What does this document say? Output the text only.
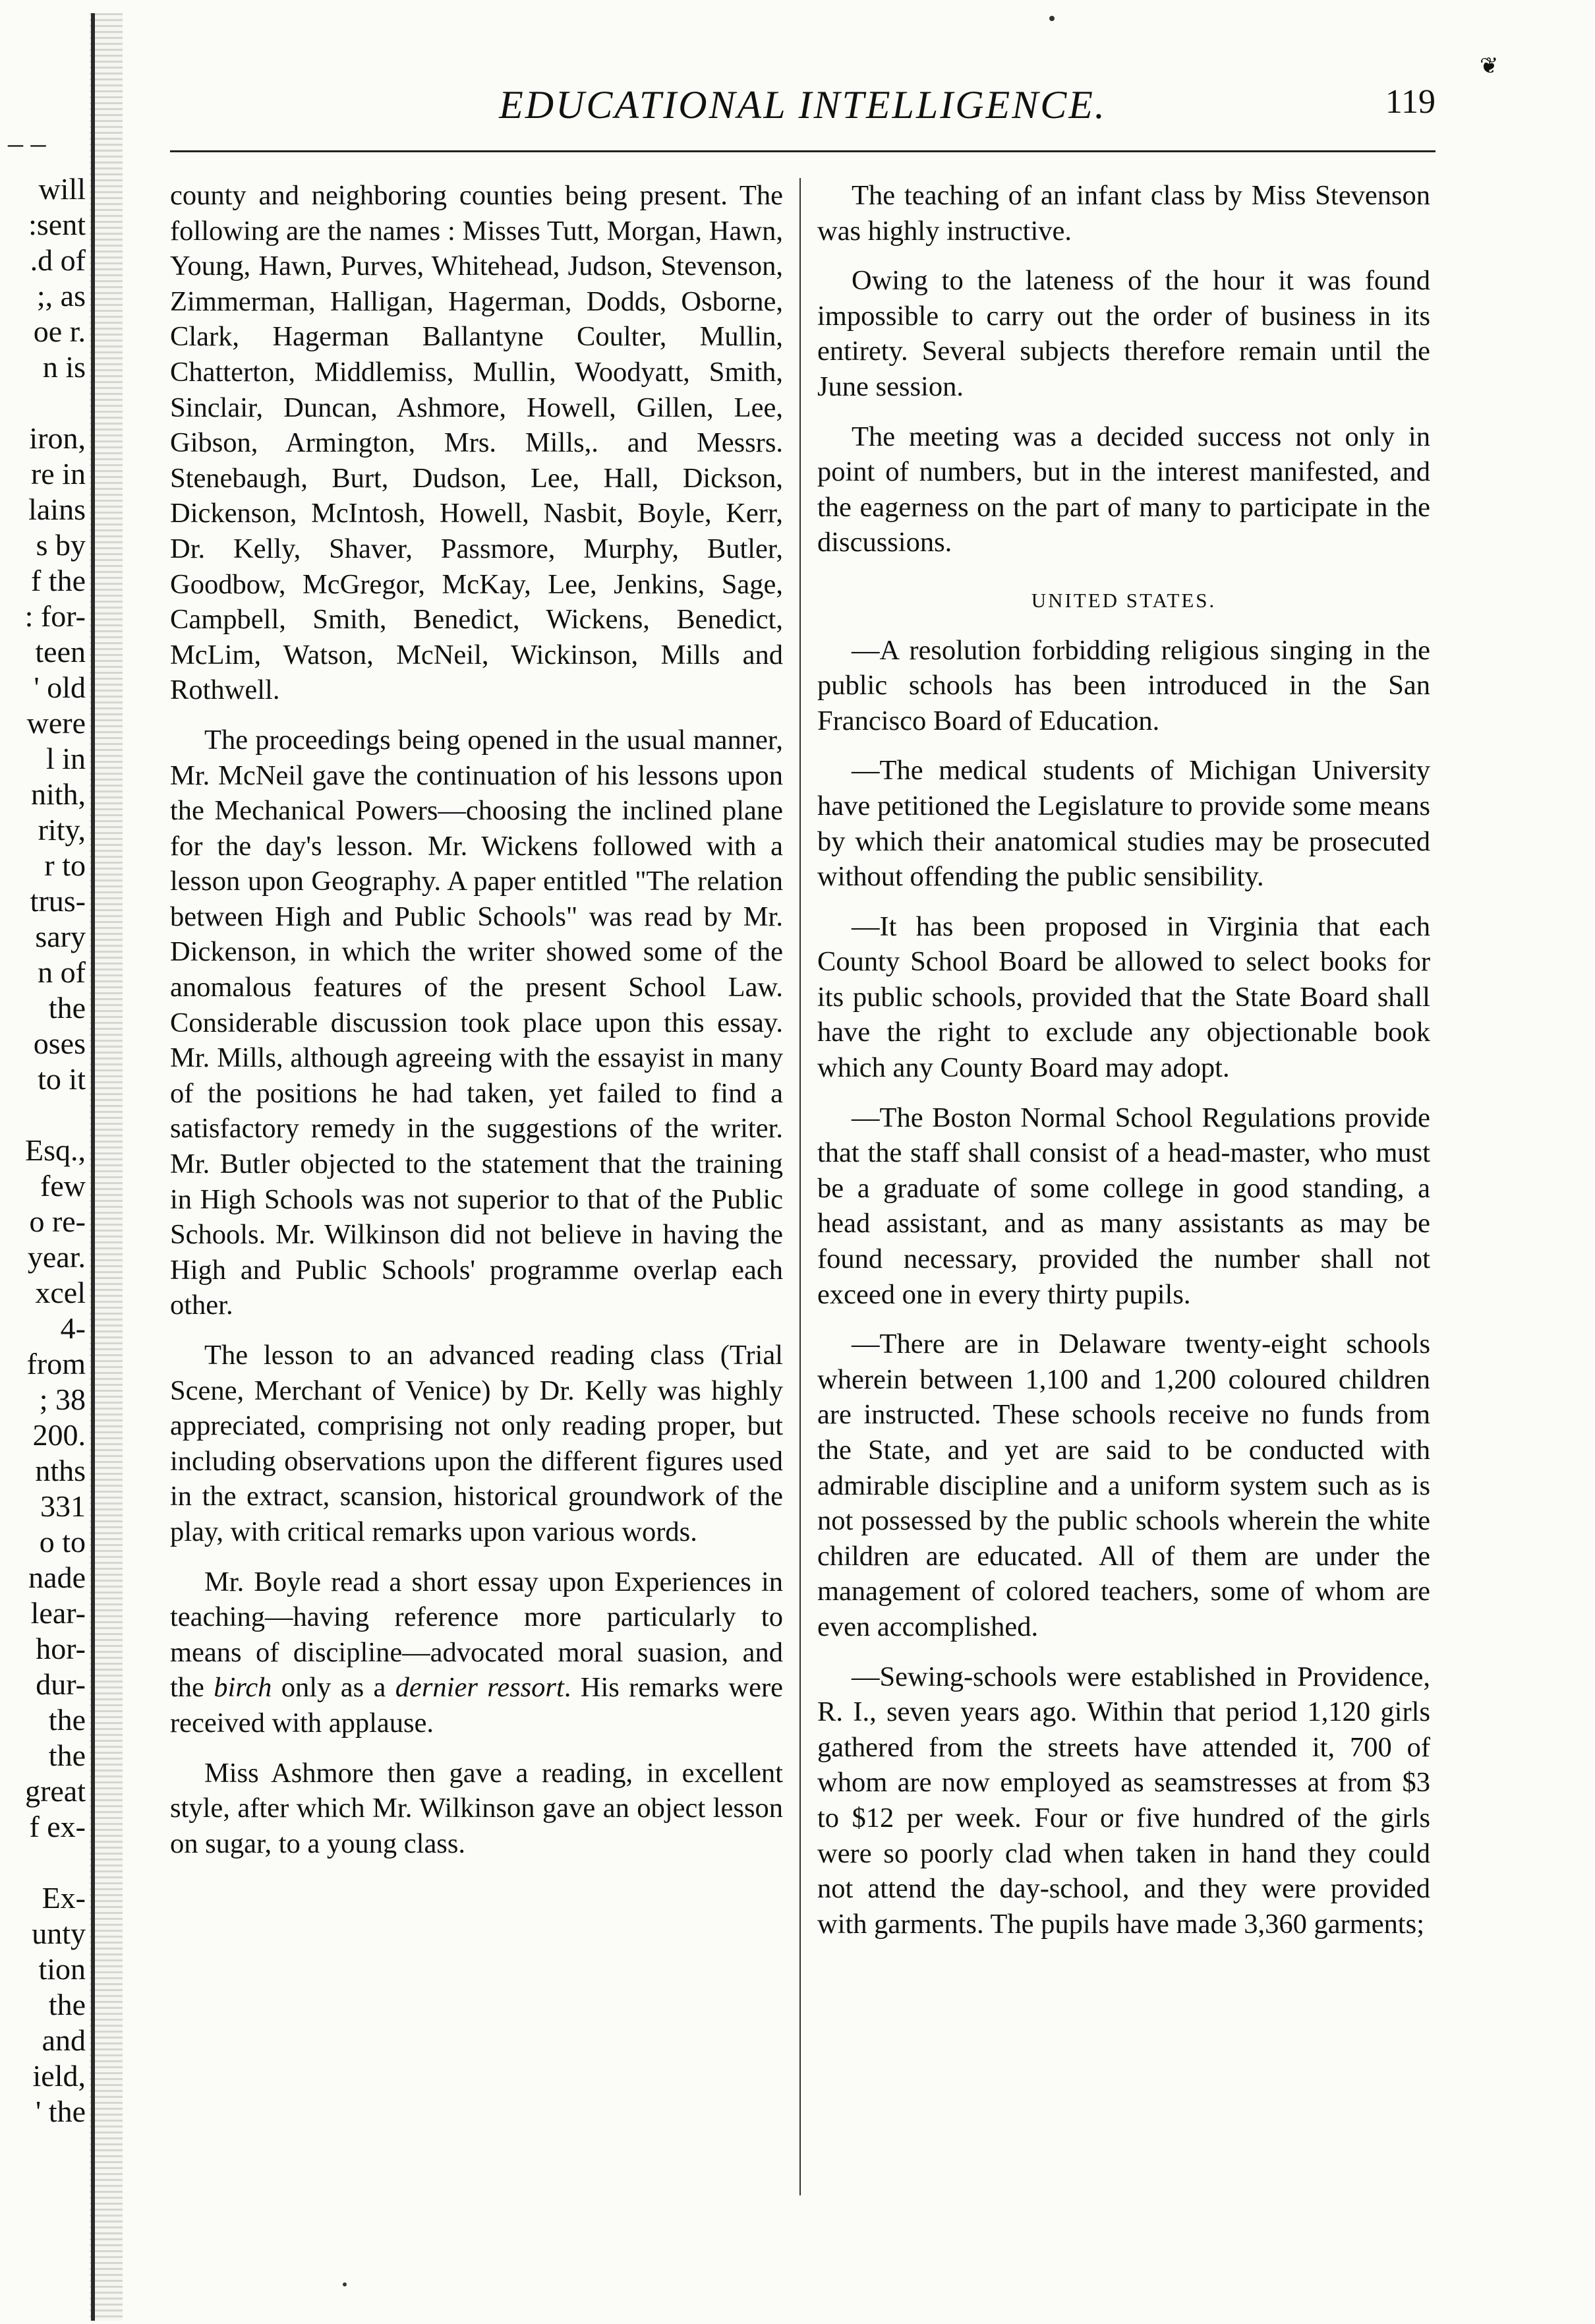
– –
will
:sent
.d of
;, as
oe r.
n is

iron,
re in
lains
s by
f the
: for-
teen
' old
were
l in
nith,
rity,
r to
trus-
sary
n of
the
oses
to it

Esq.,
few
o re-
year.
xcel
4-
from
; 38
200.
nths
331
o to
nade
lear-
hor-
dur-
the
the
great
f ex-

Ex-
unty
tion
the
and
ield,
' the
❦
EDUCATIONAL INTELLIGENCE.	119

county and neighboring counties being present. The following are the names : Misses Tutt, Morgan, Hawn, Young, Hawn, Purves, Whitehead, Judson, Stevenson, Zimmerman, Halligan, Hagerman, Dodds, Osborne, Clark, Hagerman Ballantyne Coulter, Mullin, Chatterton, Middlemiss, Mullin, Woodyatt, Smith, Sinclair, Duncan, Ashmore, Howell, Gillen, Lee, Gibson, Armington, Mrs. Mills,. and Messrs. Stenebaugh, Burt, Dudson, Lee, Hall, Dickson, Dickenson, McIntosh, Howell, Nasbit, Boyle, Kerr, Dr. Kelly, Shaver, Passmore, Murphy, Butler, Goodbow, McGregor, McKay, Lee, Jenkins, Sage, Campbell, Smith, Benedict, Wickens, Benedict, McLim, Watson, McNeil, Wickinson, Mills and Rothwell.

The proceedings being opened in the usual manner, Mr. McNeil gave the continuation of his lessons upon the Mechanical Powers—choosing the inclined plane for the day's lesson. Mr. Wickens followed with a lesson upon Geography. A paper entitled "The relation between High and Public Schools" was read by Mr. Dickenson, in which the writer showed some of the anomalous features of the present School Law. Considerable discussion took place upon this essay. Mr. Mills, although agreeing with the essayist in many of the positions he had taken, yet failed to find a satisfactory remedy in the suggestions of the writer. Mr. Butler objected to the statement that the training in High Schools was not superior to that of the Public Schools. Mr. Wilkinson did not believe in having the High and Public Schools' programme overlap each other.

The lesson to an advanced reading class (Trial Scene, Merchant of Venice) by Dr. Kelly was highly appreciated, comprising not only reading proper, but including observations upon the different figures used in the extract, scansion, historical groundwork of the play, with critical remarks upon various words.

Mr. Boyle read a short essay upon Experiences in teaching—having reference more particularly to means of discipline—advocated moral suasion, and the birch only as a dernier ressort. His remarks were received with applause.

Miss Ashmore then gave a reading, in excellent style, after which Mr. Wilkinson gave an object lesson on sugar, to a young class.

The teaching of an infant class by Miss Stevenson was highly instructive.

Owing to the lateness of the hour it was found impossible to carry out the order of business in its entirety. Several subjects therefore remain until the June session.

The meeting was a decided success not only in point of numbers, but in the interest manifested, and the eagerness on the part of many to participate in the discussions.

UNITED STATES.

—A resolution forbidding religious singing in the public schools has been introduced in the San Francisco Board of Education.

—The medical students of Michigan University have petitioned the Legislature to provide some means by which their anatomical studies may be prosecuted without offending the public sensibility.

—It has been proposed in Virginia that each County School Board be allowed to select books for its public schools, provided that the State Board shall have the right to exclude any objectionable book which any County Board may adopt.

—The Boston Normal School Regulations provide that the staff shall consist of a head-master, who must be a graduate of some college in good standing, a head assistant, and as many assistants as may be found necessary, provided the number shall not exceed one in every thirty pupils.

—There are in Delaware twenty-eight schools wherein between 1,100 and 1,200 coloured children are instructed. These schools receive no funds from the State, and yet are said to be conducted with admirable discipline and a uniform system such as is not possessed by the public schools wherein the white children are educated. All of them are under the management of colored teachers, some of whom are even accomplished.

—Sewing-schools were established in Providence, R. I., seven years ago. Within that period 1,120 girls gathered from the streets have attended it, 700 of whom are now employed as seamstresses at from $3 to $12 per week. Four or five hundred of the girls were so poorly clad when taken in hand they could not attend the day-school, and they were provided with garments. The pupils have made 3,360 garments;
